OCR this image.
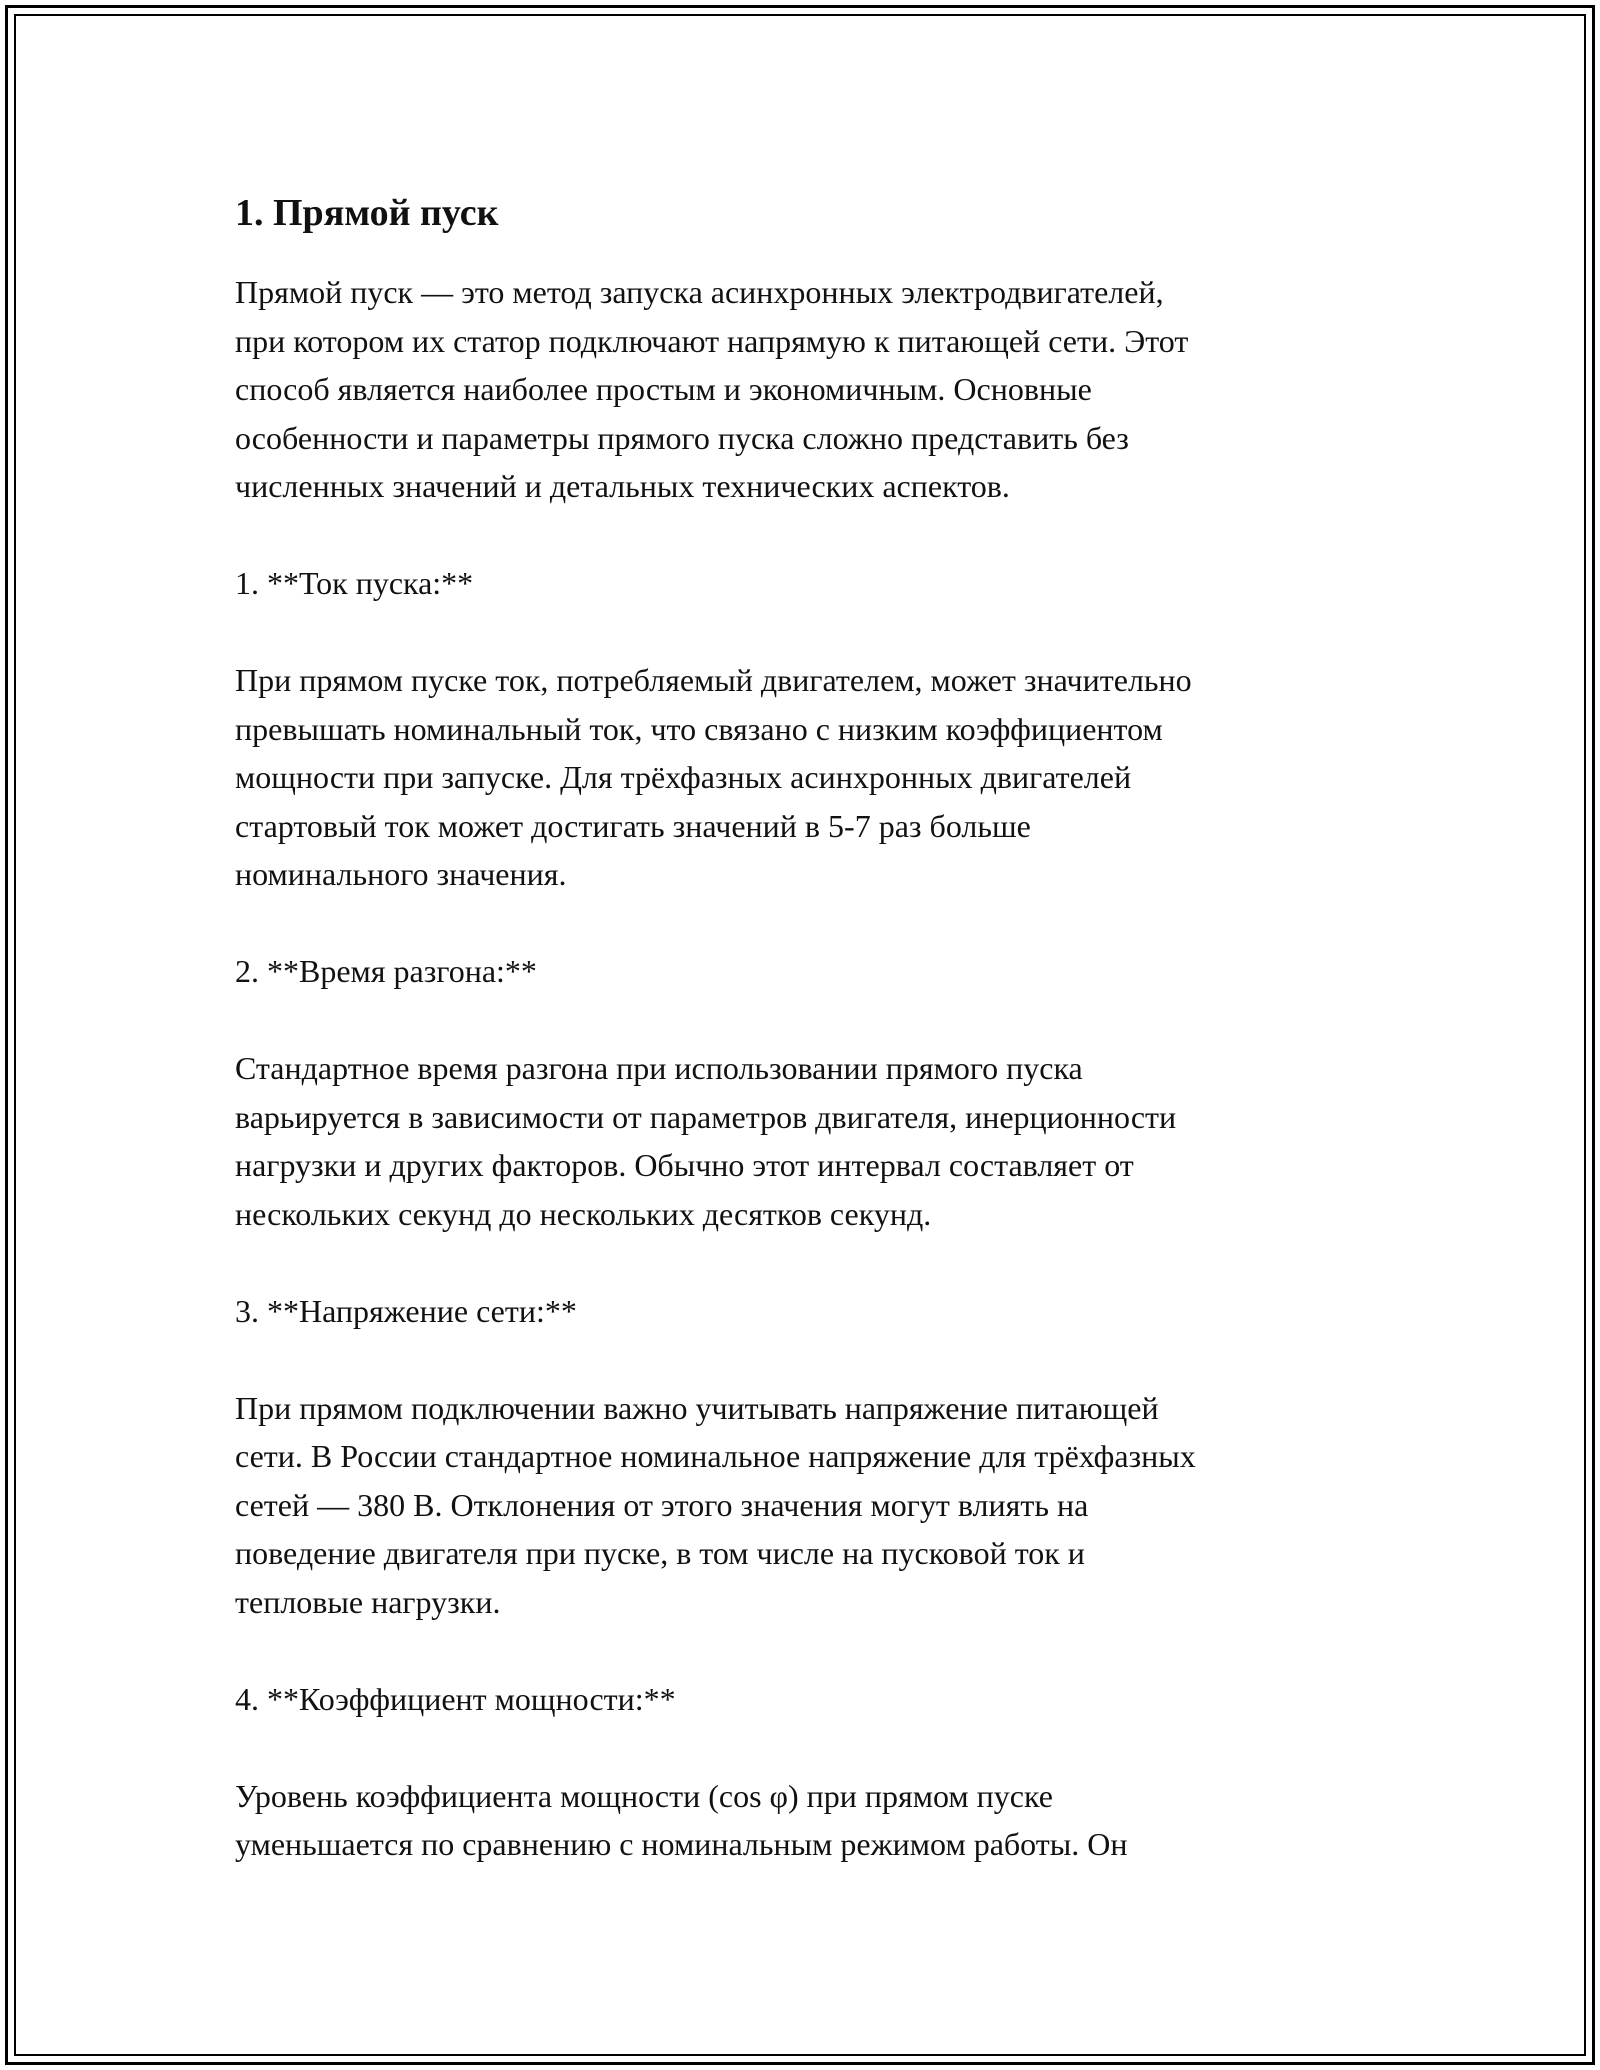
1. Прямой пуск

Прямой пуск — это метод запуска асинхронных электродвигателей,
при котором их статор подключают напрямую к питающей сети. Этот
способ является наиболее простым и экономичным. Основные
особенности и параметры прямого пуска сложно представить без
численных значений и детальных технических аспектов.

1. **Ток пуска:**

При прямом пуске ток, потребляемый двигателем, может значительно
превышать номинальный ток, что связано с низким коэффициентом
мощности при запуске. Для трёхфазных асинхронных двигателей
стартовый ток может достигать значений в 5-7 раз больше
номинального значения.

2. **Время разгона:**

Стандартное время разгона при использовании прямого пуска
варьируется в зависимости от параметров двигателя, инерционности
нагрузки и других факторов. Обычно этот интервал составляет от
нескольких секунд до нескольких десятков секунд.

3. **Напряжение сети:**

При прямом подключении важно учитывать напряжение питающей
сети. В России стандартное номинальное напряжение для трёхфазных
сетей — 380 В. Отклонения от этого значения могут влиять на
поведение двигателя при пуске, в том числе на пусковой ток и
тепловые нагрузки.

4. **Коэффициент мощности:**

Уровень коэффициента мощности (cos φ) при прямом пуске
уменьшается по сравнению с номинальным режимом работы. Он
